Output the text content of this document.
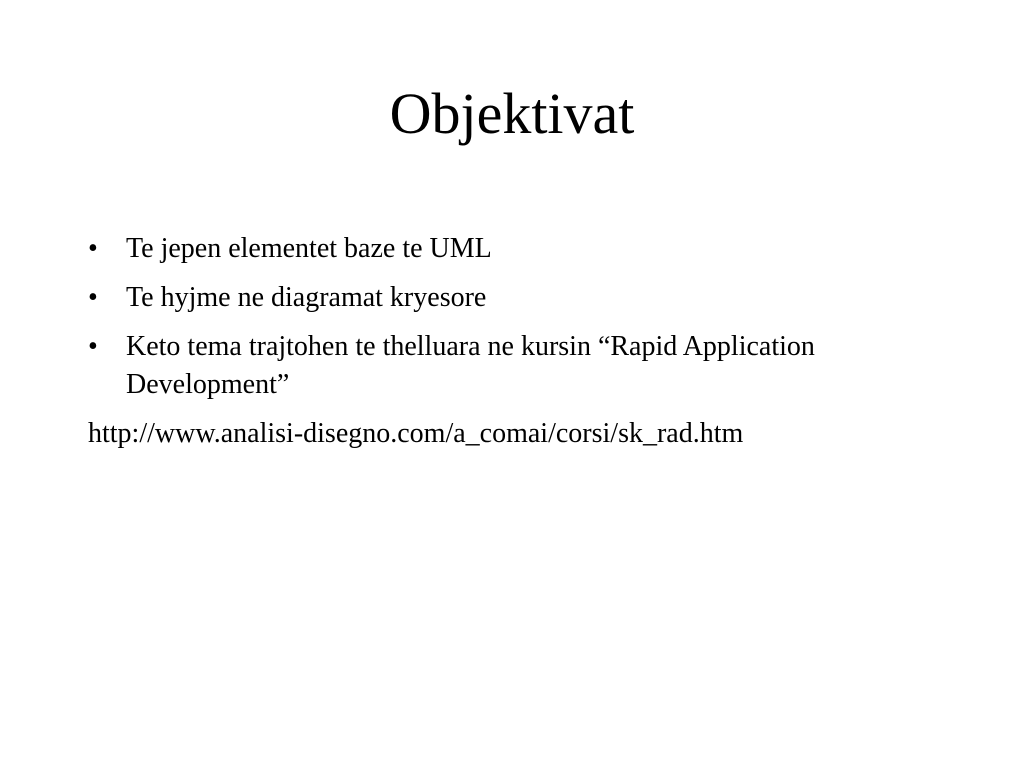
Objektivat
• Te jepen elementet baze te UML
• Te hyjme ne diagramat kryesore
• Keto tema trajtohen te thelluara ne kursin “Rapid Application Development”
http://www.analisi-disegno.com/a_comai/corsi/sk_rad.htm
